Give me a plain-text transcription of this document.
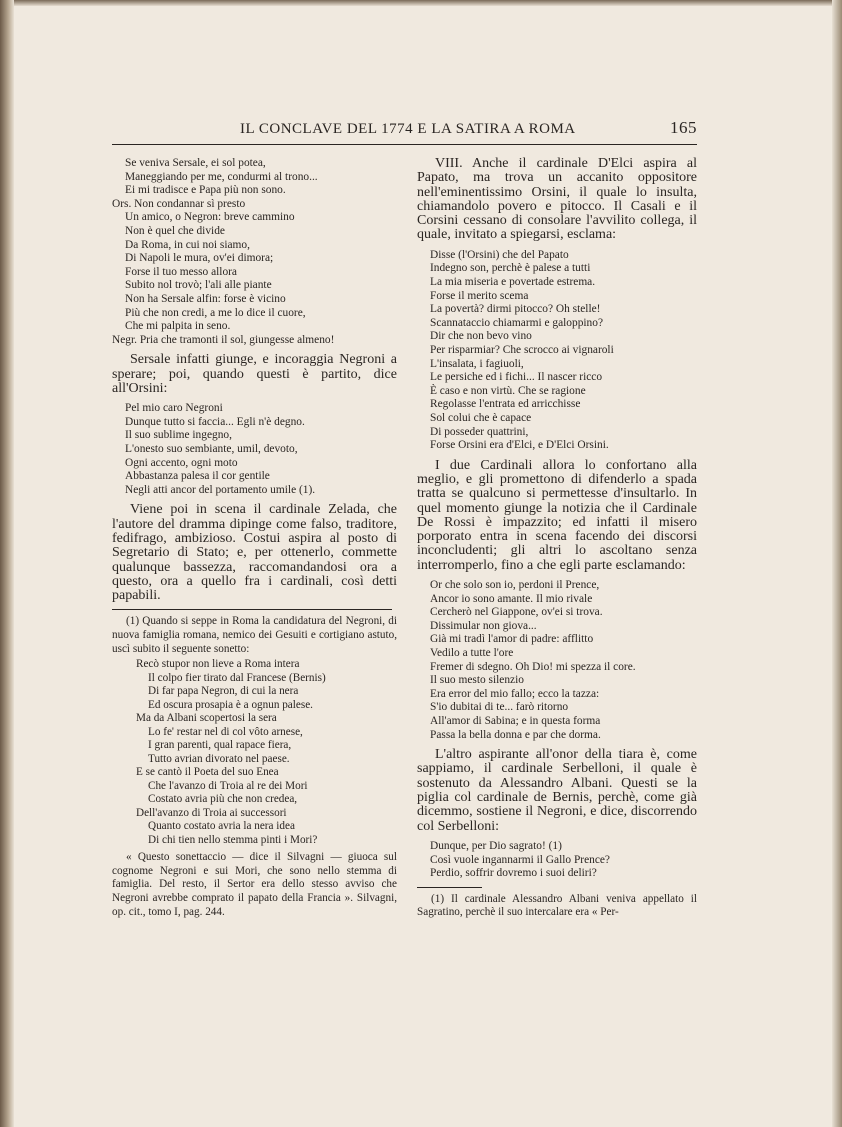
IL CONCLAVE DEL 1774 E LA SATIRA A ROMA	165
Se veniva Sersale, ei sol potea,
Maneggiando per me, condurmi al trono...
Ei mi tradisce e Papa più non sono.
Ors. Non condannar sì presto
Un amico, o Negron: breve cammino
Non è quel che divide
Da Roma, in cui noi siamo,
Di Napoli le mura, ov'ei dimora;
Forse il tuo messo allora
Subito nol trovò; l'ali alle piante
Non ha Sersale alfin: forse è vicino
Più che non credi, a me lo dice il cuore,
Che mi palpita in seno.
Negr. Pria che tramonti il sol, giungesse almeno!

Sersale infatti giunge, e incoraggia Negroni a sperare; poi, quando questi è partito, dice all'Orsini:

Pel mio caro Negroni
Dunque tutto si faccia... Egli n'è degno.
Il suo sublime ingegno,
L'onesto suo sembiante, umil, devoto,
Ogni accento, ogni moto
Abbastanza palesa il cor gentile
Negli atti ancor del portamento umile (1).

Viene poi in scena il cardinale Zelada, che l'autore del dramma dipinge come falso, traditore, fedifrago, ambizioso. Costui aspira al posto di Segretario di Stato; e, per ottenerlo, commette qualunque bassezza, raccomandandosi ora a questo, ora a quello fra i cardinali, così detti papabili.

(1) Quando si seppe in Roma la candidatura del Negroni, di nuova famiglia romana, nemico dei Gesuiti e cortigiano astuto, uscì subito il seguente sonetto:

Recò stupor non lieve a Roma intera
Il colpo fier tirato dal Francese (Bernis)
Di far papa Negron, di cui la nera
Ed oscura prosapia è a ognun palese.
Ma da Albani scopertosi la sera
Lo fe' restar nel di col vôto arnese,
I gran parenti, qual rapace fiera,
Tutto avrian divorato nel paese.
E se cantò il Poeta del suo Enea
Che l'avanzo di Troia al re dei Mori
Costato avria più che non credea,
Dell'avanzo di Troia ai successori
Quanto costato avria la nera idea
Di chi tien nello stemma pinti i Mori?

« Questo sonettaccio — dice il Silvagni — giuoca sul cognome Negroni e sui Mori, che sono nello stemma di famiglia. Del resto, il Sertor era dello stesso avviso che Negroni avrebbe comprato il papato della Francia ». Silvagni, op. cit., tomo I, pag. 244.

VIII. Anche il cardinale D'Elci aspira al Papato, ma trova un accanito oppositore nell'eminentissimo Orsini, il quale lo insulta, chiamandolo povero e pitocco. Il Casali e il Corsini cessano di consolare l'avvilito collega, il quale, invitato a spiegarsi, esclama:

Disse (l'Orsini) che del Papato
Indegno son, perchè è palese a tutti
La mia miseria e povertade estrema.
Forse il merito scema
La povertà? dirmi pitocco? Oh stelle!
Scannataccio chiamarmi e galoppino?
Dir che non bevo vino
Per risparmiar? Che scrocco ai vignaroli
L'insalata, i fagiuoli,
Le persiche ed i fichi... Il nascer ricco
È caso e non virtù. Che se ragione
Regolasse l'entrata ed arricchisse
Sol colui che è capace
Di posseder quattrini,
Forse Orsini era d'Elci, e D'Elci Orsini.

I due Cardinali allora lo confortano alla meglio, e gli promettono di difenderlo a spada tratta se qualcuno si permettesse d'insultarlo. In quel momento giunge la notizia che il Cardinale De Rossi è impazzito; ed infatti il misero porporato entra in scena facendo dei discorsi inconcludenti; gli altri lo ascoltano senza interromperlo, fino a che egli parte esclamando:

Or che solo son io, perdoni il Prence,
Ancor io sono amante. Il mio rivale
Cercherò nel Giappone, ov'ei si trova.
Dissimular non giova...
Già mi tradì l'amor di padre: afflitto
Vedilo a tutte l'ore
Fremer di sdegno. Oh Dio! mi spezza il core.
Il suo mesto silenzio
Era error del mio fallo; ecco la tazza:
S'io dubitai di te... farò ritorno
All'amor di Sabina; e in questa forma
Passa la bella donna e par che dorma.

L'altro aspirante all'onor della tiara è, come sappiamo, il cardinale Serbelloni, il quale è sostenuto da Alessandro Albani. Questi se la piglia col cardinale de Bernis, perchè, come già dicemmo, sostiene il Negroni, e dice, discorrendo col Serbelloni:

Dunque, per Dio sagrato! (1)
Così vuole ingannarmi il Gallo Prence?
Perdio, soffrir dovremo i suoi deliri?

(1) Il cardinale Alessandro Albani veniva appellato il Sagratino, perchè il suo intercalare era « Per-
